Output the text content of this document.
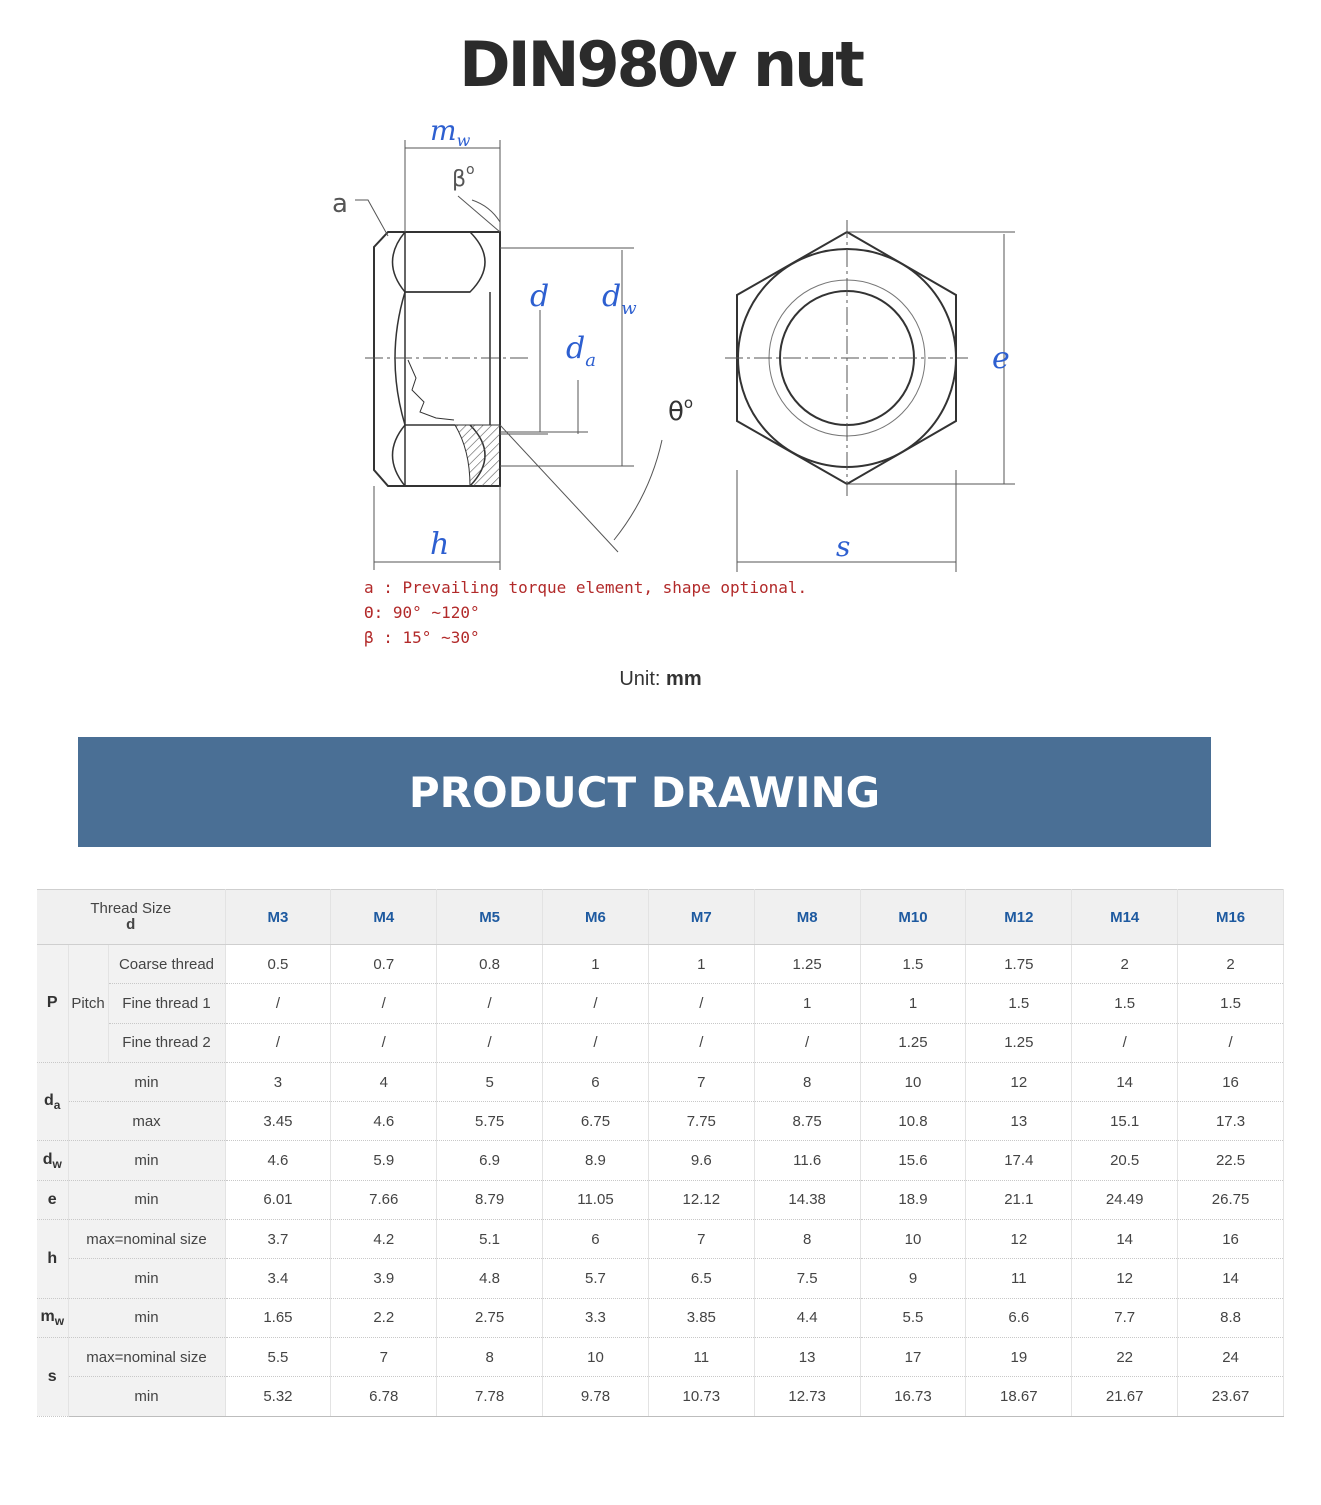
DIN980v nut
$m_w$
d $d_w$
$d_a$	e
h	s
$\beta^o$
a
$\theta^o$
a : Prevailing torque element, shape optional.
Θ: 90° ~120°
β : 15° ~30°
Unit: mm
PRODUCT DRAWING
Thread Size
d			M3	M4	M5	M6	M7	M8	M10	M12	M14	M16
P	Pitch	Coarse thread	0.5	0.7	0.8	1	1	1.25	1.5	1.75	2	2
		Fine thread 1	/	/	/	/	/	1	1	1.5	1.5	1.5
		Fine thread 2	/	/	/	/	/	/	1.25	1.25	/	/
$d_a$	min		3	4	5	6	7	8	10	12	14	16
	max		3.45	4.6	5.75	6.75	7.75	8.75	10.8	13	15.1	17.3
$d_w$	min		4.6	5.9	6.9	8.9	9.6	11.6	15.6	17.4	20.5	22.5
e	min		6.01	7.66	8.79	11.05	12.12	14.38	18.9	21.1	24.49	26.75
h	max=nominal size		3.7	4.2	5.1	6	7	8	10	12	14	16
	min		3.4	3.9	4.8	5.7	6.5	7.5	9	11	12	14
$m_w$	min		1.65	2.2	2.75	3.3	3.85	4.4	5.5	6.6	7.7	8.8
s	max=nominal size		5.5	7	8	10	11	13	17	19	22	24
	min		5.32	6.78	7.78	9.78	10.73	12.73	16.73	18.67	21.67	23.67
